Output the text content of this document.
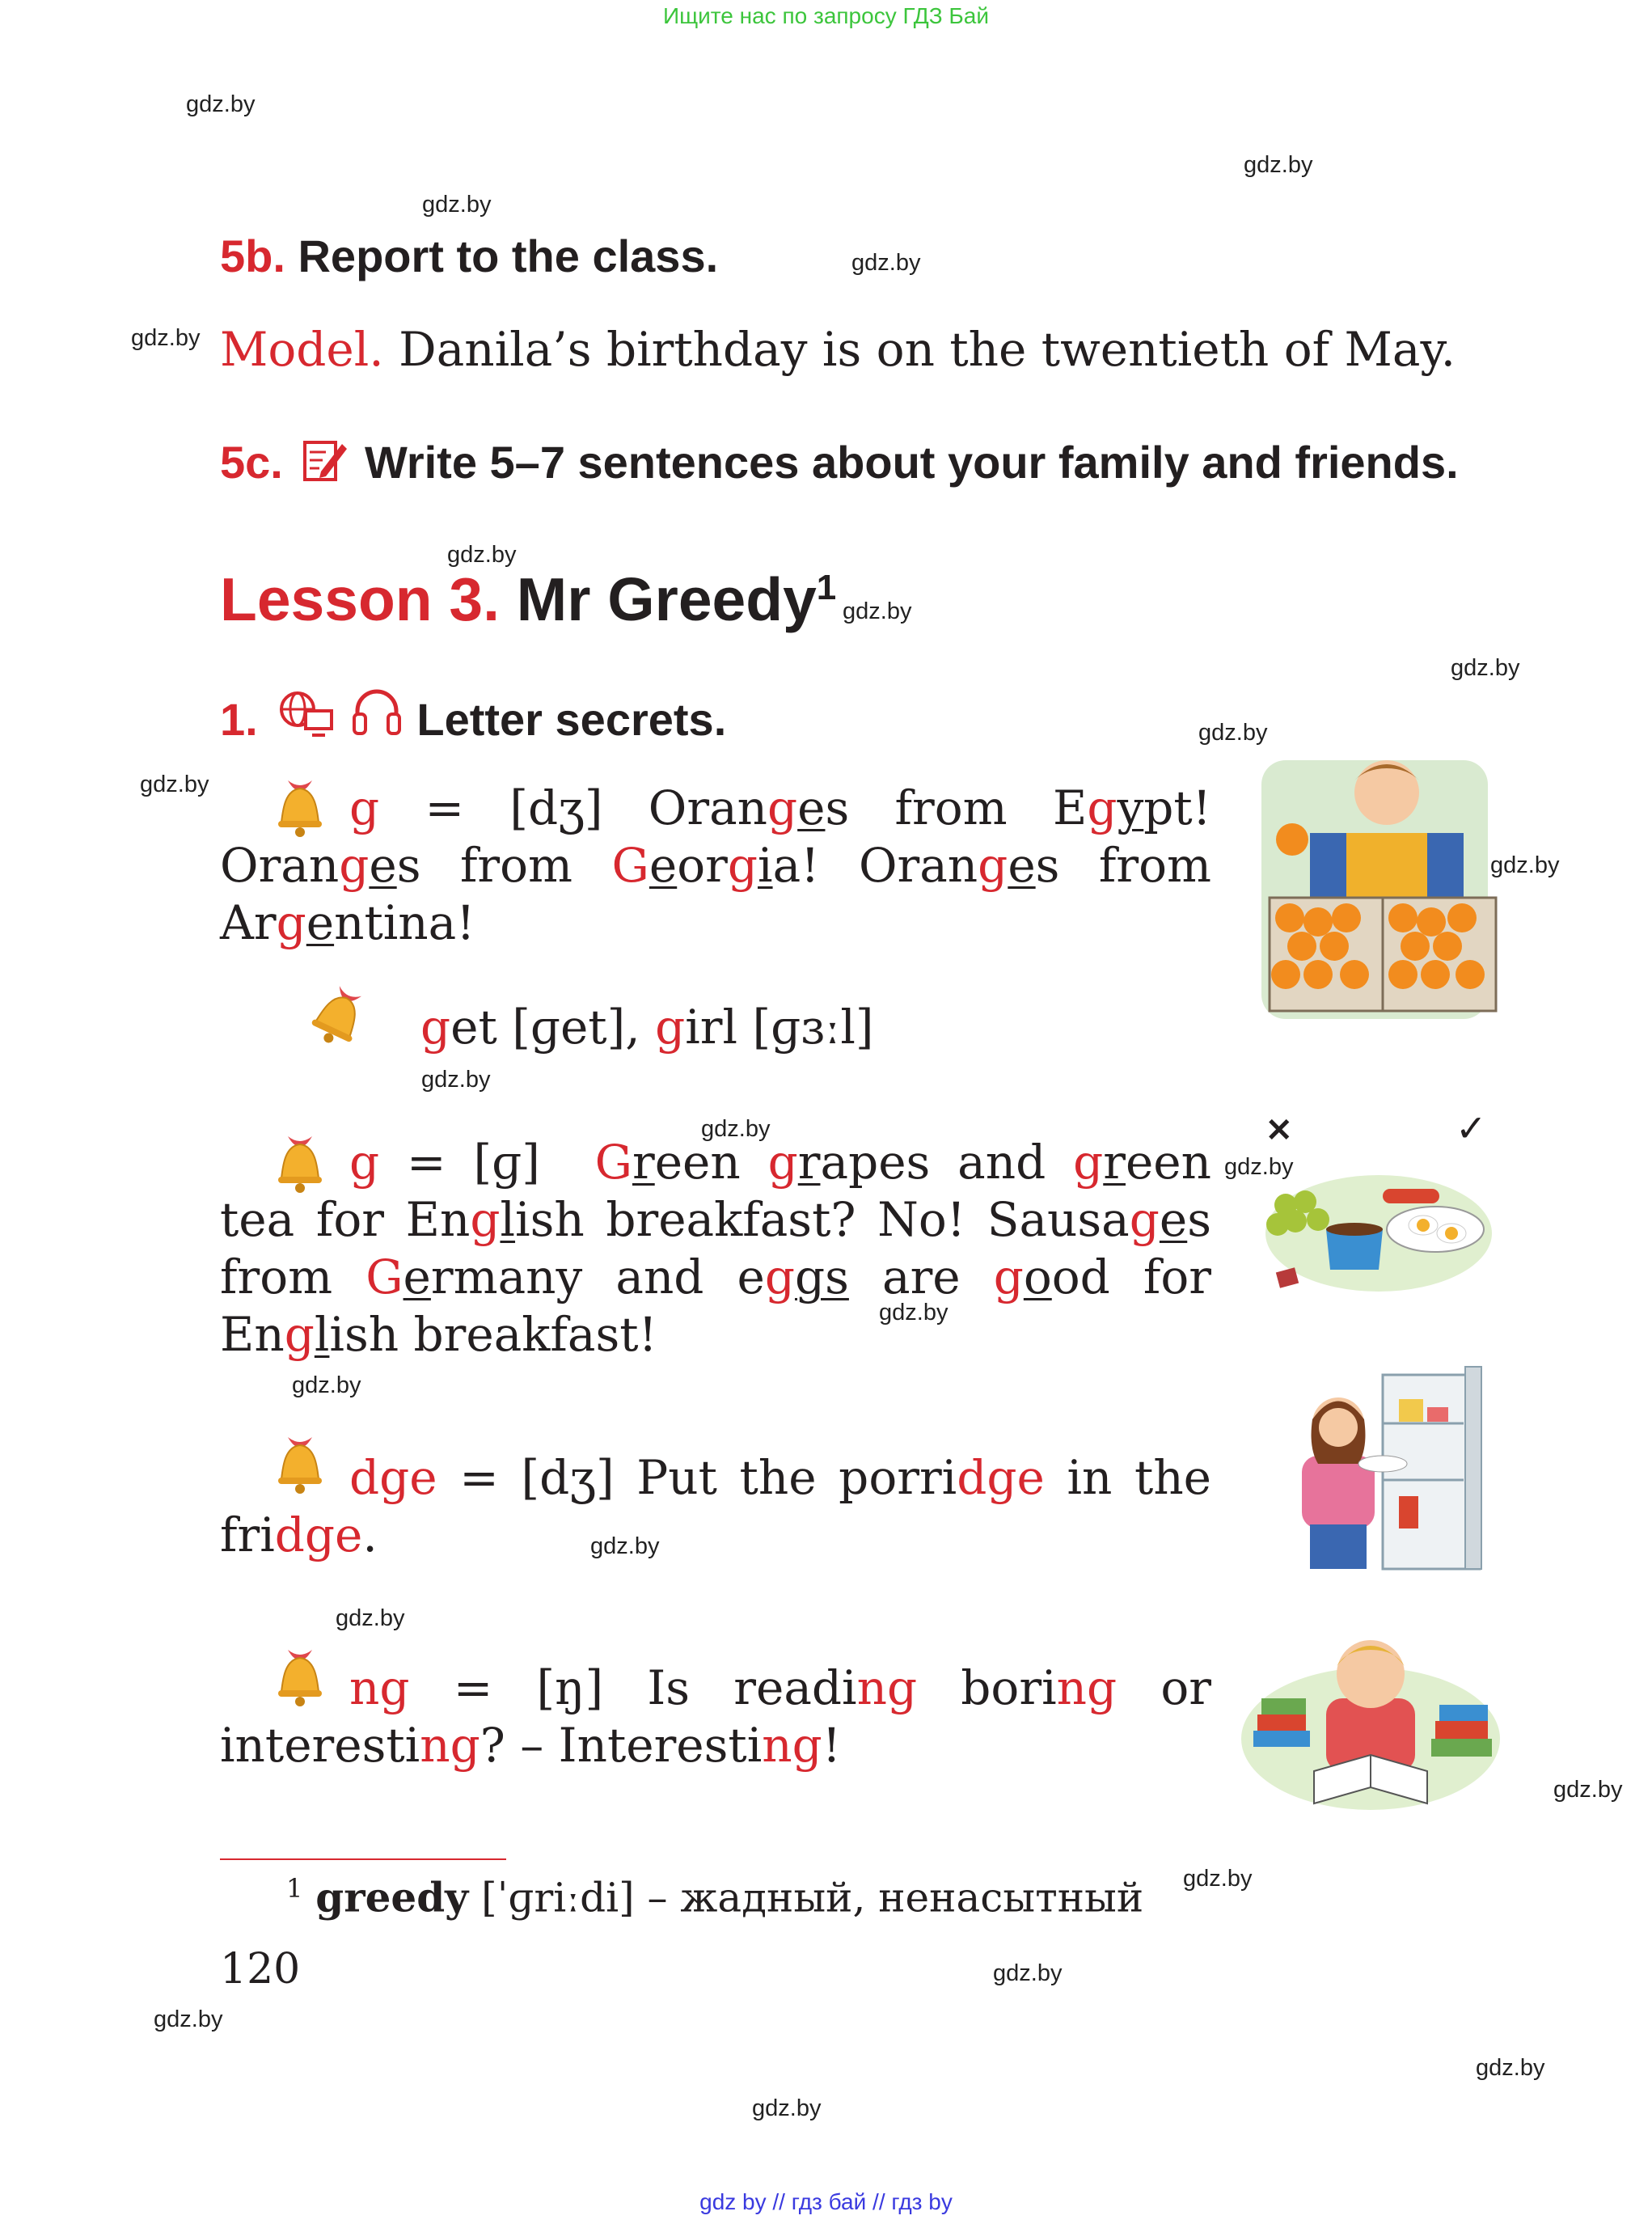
Ищите нас по запросу ГДЗ Бай
gdz by // гдз бай // гдз by
gdz.by
gdz.by
gdz.by
gdz.by
gdz.by
gdz.by
gdz.by
gdz.by
gdz.by
gdz.by
gdz.by
gdz.by
gdz.by
gdz.by
gdz.by
gdz.by
gdz.by
gdz.by
gdz.by
gdz.by
gdz.by
gdz.by
gdz.by
gdz.by
5b. Report to the class.
Model. Danila’s birthday is on the twentieth of May.
5c.  Write 5–7 sentences about your family and friends.
Lesson 3. Mr Greedy$^1$
1.	Letter secrets.
g = [dʒ] Oranges from Egypt! Oranges from Georgia! Oranges from Argentina!
get [ɡet], girl [ɡɜːl]
g = [ɡ]  Green grapes and green tea for English breakfast? No! Sausages from Germany and eggs are good for English breakfast!
dge = [dʒ] Put the porridge in the fridge.
ng = [ŋ] Is reading boring or interesting? – Interesting!
✕	✓
$^1$ greedy [ˈɡriːdi] – жадный, ненасытный
120
